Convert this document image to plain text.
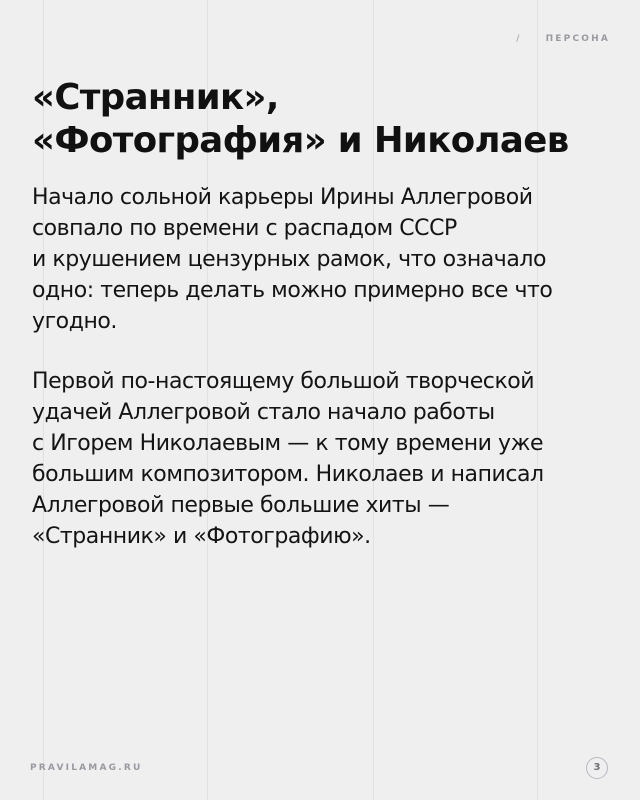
/	ПЕРСОНА
«Странник»,
«Фотография» и Николаев
Начало сольной карьеры Ирины Аллегровой
совпало по времени с распадом СССР
и крушением цензурных рамок, что означало
одно: теперь делать можно примерно все что
угодно.
Первой по-настоящему большой творческой
удачей Аллегровой стало начало работы
с Игорем Николаевым — к тому времени уже
большим композитором. Николаев и написал
Аллегровой первые большие хиты —
«Странник» и «Фотографию».
PRAVILAMAG.RU	3
